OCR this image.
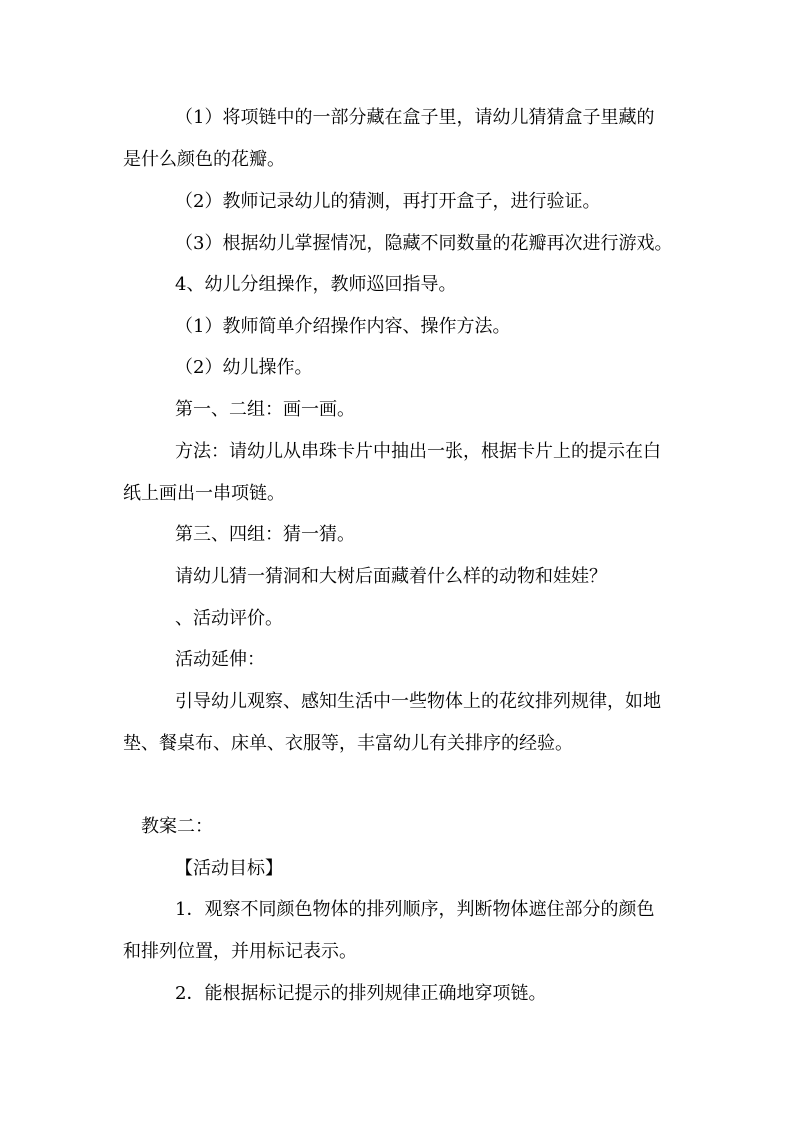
（1）将项链中的一部分藏在盒子里，请幼儿猜猜盒子里藏的
是什么颜色的花瓣。
（2）教师记录幼儿的猜测，再打开盒子，进行验证。
（3）根据幼儿掌握情况，隐藏不同数量的花瓣再次进行游戏。
4、幼儿分组操作，教师巡回指导。
（1）教师简单介绍操作内容、操作方法。
（2）幼儿操作。
第一、二组：画一画。
方法：请幼儿从串珠卡片中抽出一张，根据卡片上的提示在白
纸上画出一串项链。
第三、四组：猜一猜。
请幼儿猜一猜洞和大树后面藏着什么样的动物和娃娃？
、活动评价。
活动延伸：
引导幼儿观察、感知生活中一些物体上的花纹排列规律，如地
垫、餐桌布、床单、衣服等，丰富幼儿有关排序的经验。
教案二：
【活动目标】
1．观察不同颜色物体的排列顺序，判断物体遮住部分的颜色
和排列位置，并用标记表示。
2．能根据标记提示的排列规律正确地穿项链。
